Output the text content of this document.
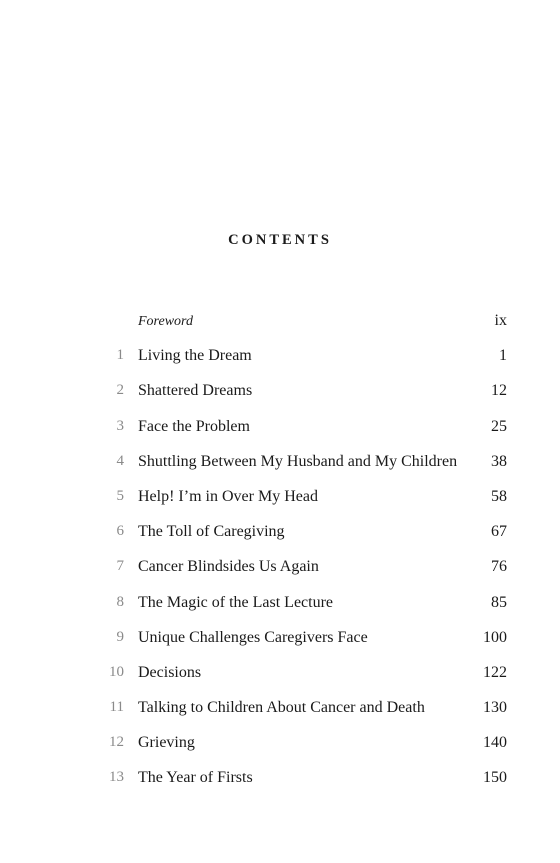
CONTENTS
Foreword	ix
1 Living the Dream	1
2 Shattered Dreams	12
3 Face the Problem	25
4 Shuttling Between My Husband and My Children 38
5 Help! I’m in Over My Head	58
6 The Toll of Caregiving	67
7 Cancer Blindsides Us Again	76
8 The Magic of the Last Lecture	85
9 Unique Challenges Caregivers Face	100
10 Decisions	122
11 Talking to Children About Cancer and Death	130
12 Grieving	140
13 The Year of Firsts	150
